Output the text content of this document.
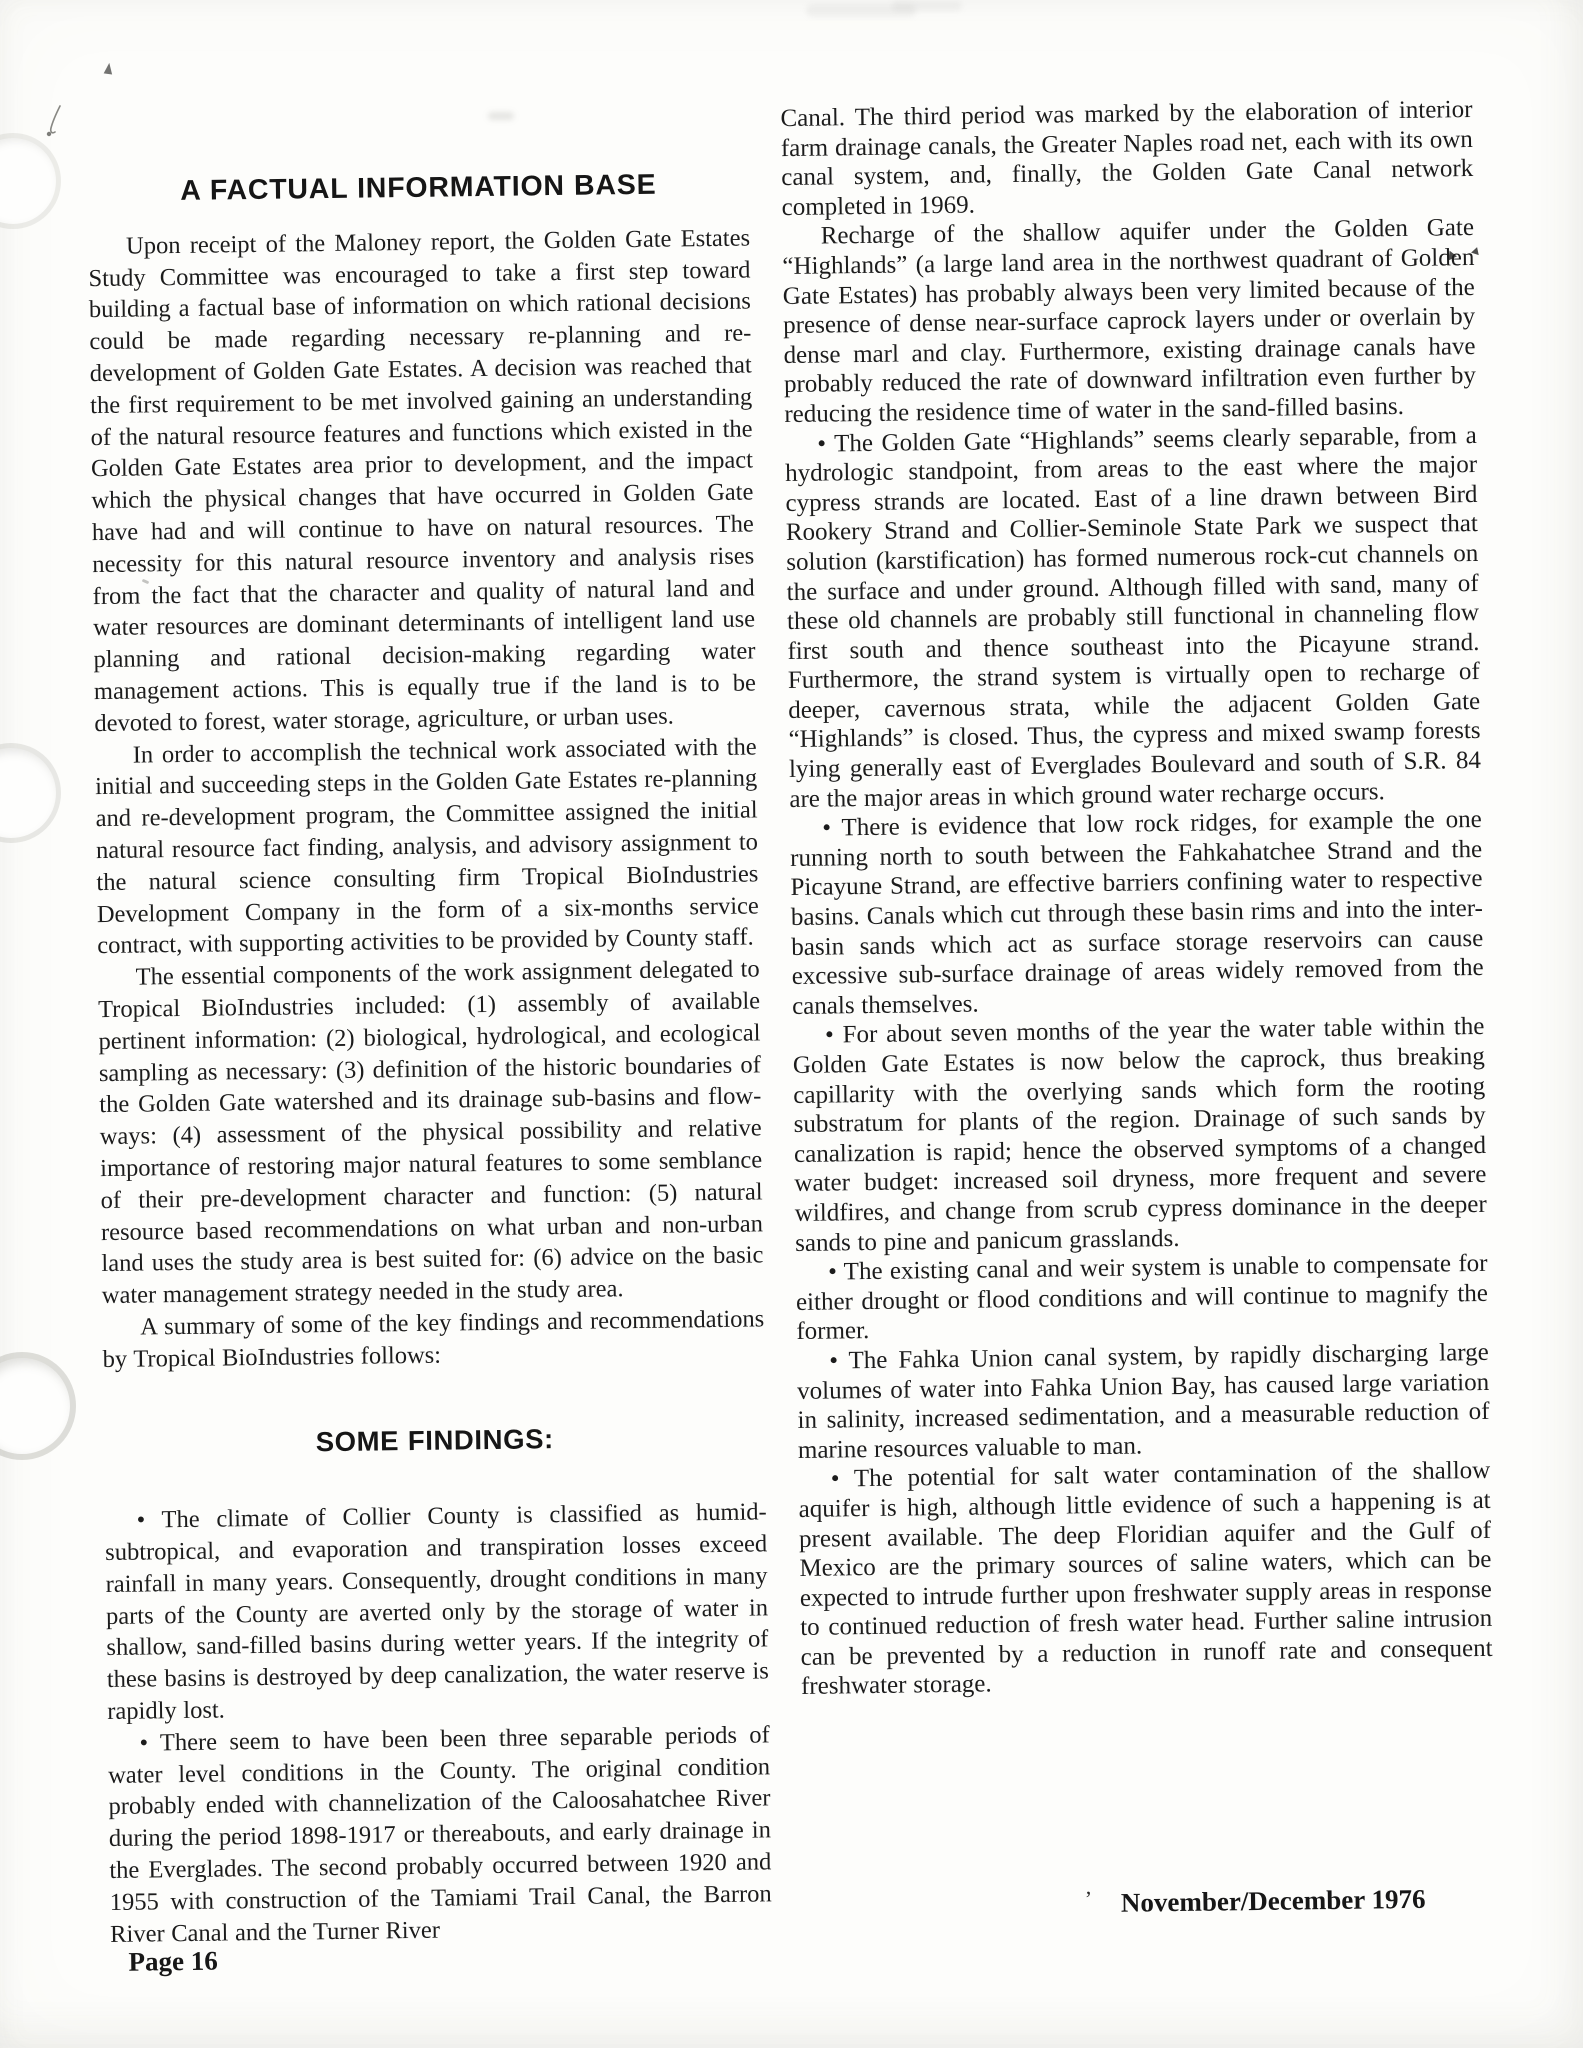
A FACTUAL INFORMATION BASE

Upon receipt of the Maloney report, the Golden Gate Estates Study Committee was encouraged to take a first step toward building a factual base of information on which rational decisions could be made regarding necessary re-planning and re-development of Golden Gate Estates. A decision was reached that the first requirement to be met involved gaining an understanding of the natural resource features and functions which existed in the Golden Gate Estates area prior to development, and the impact which the physical changes that have occurred in Golden Gate have had and will continue to have on natural resources. The necessity for this natural resource inventory and analysis rises from the fact that the character and quality of natural land and water resources are dominant determinants of intelligent land use planning and rational decision-making regarding water management actions. This is equally true if the land is to be devoted to forest, water storage, agriculture, or urban uses.

In order to accomplish the technical work associated with the initial and succeeding steps in the Golden Gate Estates re-planning and re-development program, the Committee assigned the initial natural resource fact finding, analysis, and advisory assignment to the natural science consulting firm Tropical BioIndustries Development Company in the form of a six-months service contract, with supporting activities to be provided by County staff.

The essential components of the work assignment delegated to Tropical BioIndustries included: (1) assembly of available pertinent information: (2) biological, hydrological, and ecological sampling as necessary: (3) definition of the historic boundaries of the Golden Gate watershed and its drainage sub-basins and flow-ways: (4) assessment of the physical possibility and relative importance of restoring major natural features to some semblance of their pre-development character and function: (5) natural resource based recommendations on what urban and non-urban land uses the study area is best suited for: (6) advice on the basic water management strategy needed in the study area.

A summary of some of the key findings and recommendations by Tropical BioIndustries follows:

SOME FINDINGS:

• The climate of Collier County is classified as humid-subtropical, and evaporation and transpiration losses exceed rainfall in many years. Consequently, drought conditions in many parts of the County are averted only by the storage of water in shallow, sand-filled basins during wetter years. If the integrity of these basins is destroyed by deep canalization, the water reserve is rapidly lost.

• There seem to have been been three separable periods of water level conditions in the County. The original condition probably ended with channelization of the Caloosahatchee River during the period 1898-1917 or thereabouts, and early drainage in the Everglades. The second probably occurred between 1920 and 1955 with construction of the Tamiami Trail Canal, the Barron River Canal and the Turner River

Canal. The third period was marked by the elaboration of interior farm drainage canals, the Greater Naples road net, each with its own canal system, and, finally, the Golden Gate Canal network completed in 1969.

Recharge of the shallow aquifer under the Golden Gate “Highlands” (a large land area in the northwest quadrant of Golden Gate Estates) has probably always been very limited because of the presence of dense near-surface caprock layers under or overlain by dense marl and clay. Furthermore, existing drainage canals have probably reduced the rate of downward infiltration even further by reducing the residence time of water in the sand-filled basins.

• The Golden Gate “Highlands” seems clearly separable, from a hydrologic standpoint, from areas to the east where the major cypress strands are located. East of a line drawn between Bird Rookery Strand and Collier-Seminole State Park we suspect that solution (karstification) has formed numerous rock-cut channels on the surface and under ground. Although filled with sand, many of these old channels are probably still functional in channeling flow first south and thence southeast into the Picayune strand. Furthermore, the strand system is virtually open to recharge of deeper, cavernous strata, while the adjacent Golden Gate “Highlands” is closed. Thus, the cypress and mixed swamp forests lying generally east of Everglades Boulevard and south of S.R. 84 are the major areas in which ground water recharge occurs.

• There is evidence that low rock ridges, for example the one running north to south between the Fahkahatchee Strand and the Picayune Strand, are effective barriers confining water to respective basins. Canals which cut through these basin rims and into the inter-basin sands which act as surface storage reservoirs can cause excessive sub-surface drainage of areas widely removed from the canals themselves.

• For about seven months of the year the water table within the Golden Gate Estates is now below the caprock, thus breaking capillarity with the overlying sands which form the rooting substratum for plants of the region. Drainage of such sands by canalization is rapid; hence the observed symptoms of a changed water budget: increased soil dryness, more frequent and severe wildfires, and change from scrub cypress dominance in the deeper sands to pine and panicum grasslands.

• The existing canal and weir system is unable to compensate for either drought or flood conditions and will continue to magnify the former.

• The Fahka Union canal system, by rapidly discharging large volumes of water into Fahka Union Bay, has caused large variation in salinity, increased sedimentation, and a measurable reduction of marine resources valuable to man.

• The potential for salt water contamination of the shallow aquifer is high, although little evidence of such a happening is at present available. The deep Floridian aquifer and the Gulf of Mexico are the primary sources of saline waters, which can be expected to intrude further upon freshwater supply areas in response to continued reduction of fresh water head. Further saline intrusion can be prevented by a reduction in runoff rate and consequent freshwater storage.

Page 16
’ November/December 1976
